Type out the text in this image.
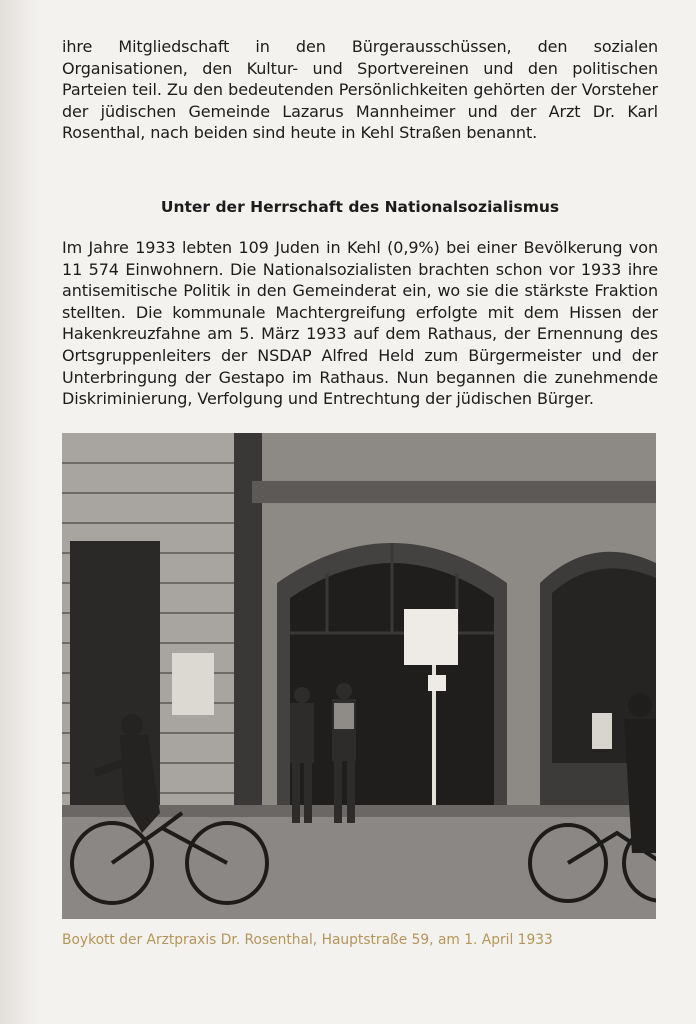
ihre Mitgliedschaft in den Bürgerausschüssen, den sozialen Organisationen, den Kultur- und Sportvereinen und den politischen Parteien teil. Zu den bedeutenden Persönlichkeiten gehörten der Vorsteher der jüdischen Gemeinde Lazarus Mannheimer und der Arzt Dr. Karl Rosenthal, nach beiden sind heute in Kehl Straßen benannt.

Unter der Herrschaft des Nationalsozialismus

Im Jahre 1933 lebten 109 Juden in Kehl (0,9%) bei einer Bevölkerung von 11 574 Einwohnern. Die Nationalsozialisten brachten schon vor 1933 ihre antisemitische Politik in den Gemeinderat ein, wo sie die stärkste Fraktion stellten. Die kommunale Machtergreifung erfolgte mit dem Hissen der Hakenkreuzfahne am 5. März 1933 auf dem Rathaus, der Ernennung des Ortsgruppenleiters der NSDAP Alfred Held zum Bürgermeister und der Unterbringung der Gestapo im Rathaus. Nun begannen die zunehmende Diskriminierung, Verfolgung und Entrechtung der jüdischen Bürger.

Boykott der Arztpraxis Dr. Rosenthal, Hauptstraße 59, am 1. April 1933
